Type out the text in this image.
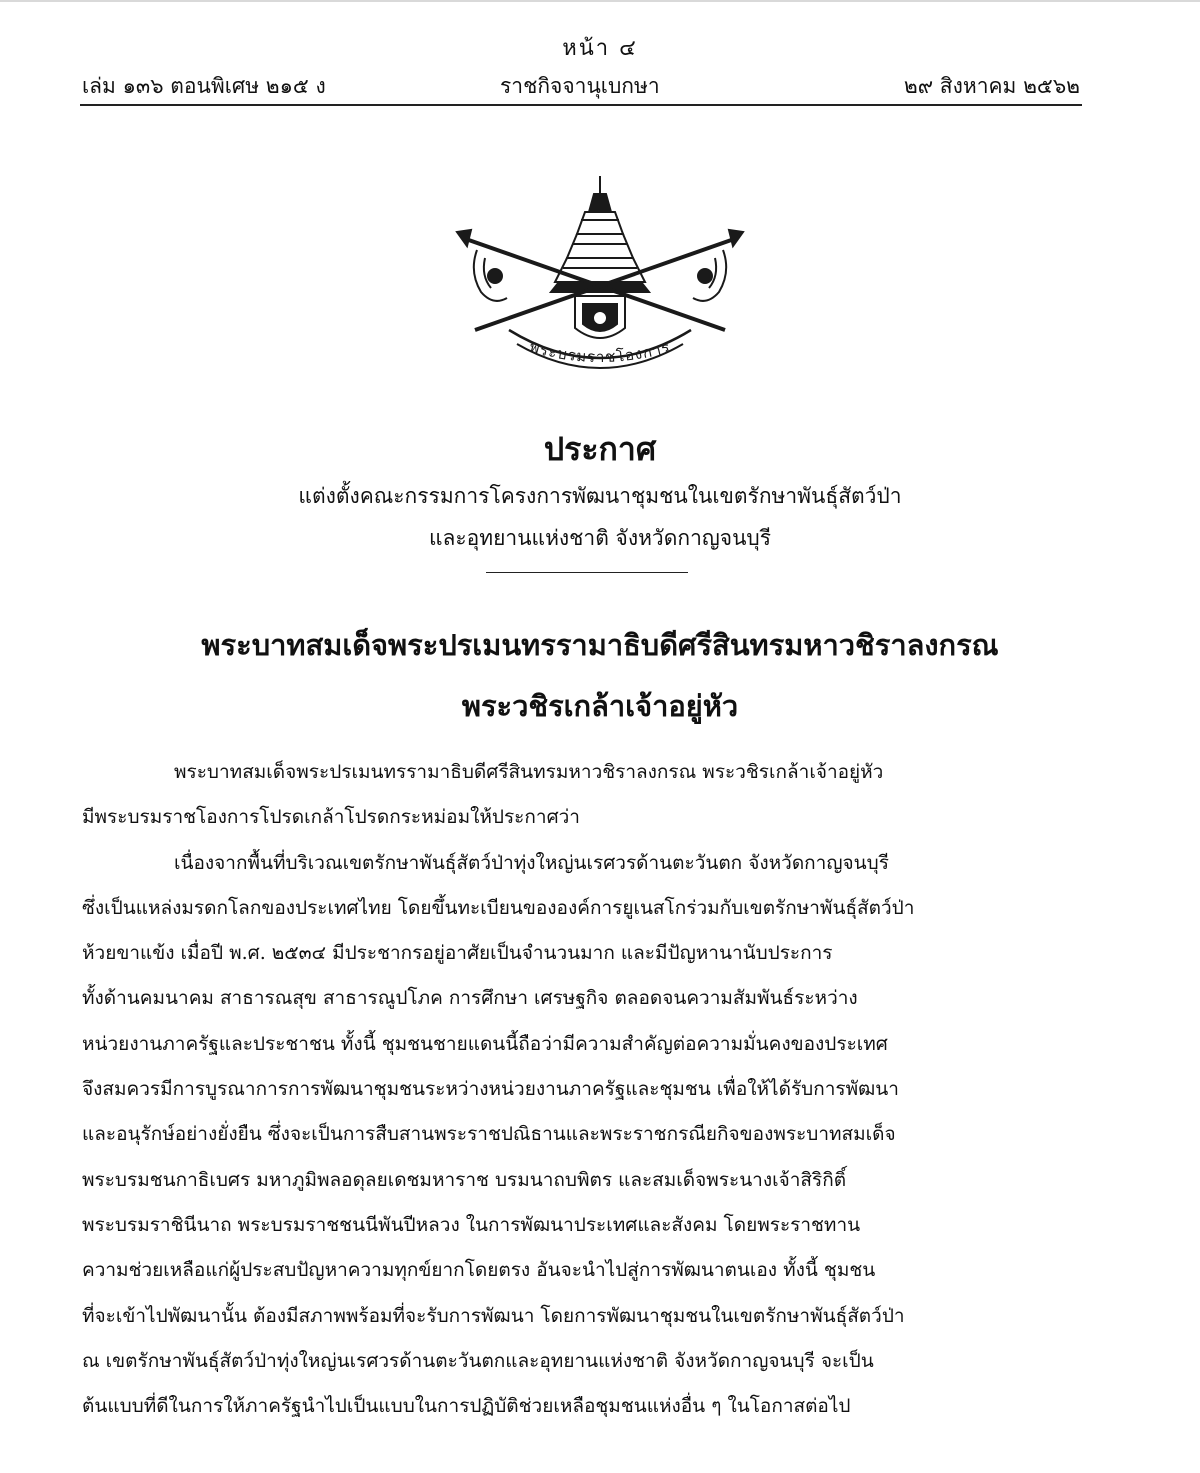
หน้า ๔
เล่ม ๑๓๖ ตอนพิเศษ ๒๑๕ ง	ราชกิจจานุเบกษา	๒๙ สิงหาคม ๒๕๖๒
พระบรมราชโองการ
ประกาศ
แต่งตั้งคณะกรรมการโครงการพัฒนาชุมชนในเขตรักษาพันธุ์สัตว์ป่า
และอุทยานแห่งชาติ จังหวัดกาญจนบุรี
พระบาทสมเด็จพระปรเมนทรรามาธิบดีศรีสินทรมหาวชิราลงกรณ
พระวชิรเกล้าเจ้าอยู่หัว
พระบาทสมเด็จพระปรเมนทรรามาธิบดีศรีสินทรมหาวชิราลงกรณ พระวชิรเกล้าเจ้าอยู่หัว
มีพระบรมราชโองการโปรดเกล้าโปรดกระหม่อมให้ประกาศว่า
เนื่องจากพื้นที่บริเวณเขตรักษาพันธุ์สัตว์ป่าทุ่งใหญ่นเรศวรด้านตะวันตก จังหวัดกาญจนบุรี
ซึ่งเป็นแหล่งมรดกโลกของประเทศไทย โดยขึ้นทะเบียนขององค์การยูเนสโกร่วมกับเขตรักษาพันธุ์สัตว์ป่า
ห้วยขาแข้ง เมื่อปี พ.ศ. ๒๕๓๔ มีประชากรอยู่อาศัยเป็นจำนวนมาก และมีปัญหานานับประการ
ทั้งด้านคมนาคม สาธารณสุข สาธารณูปโภค การศึกษา เศรษฐกิจ ตลอดจนความสัมพันธ์ระหว่าง
หน่วยงานภาครัฐและประชาชน ทั้งนี้ ชุมชนชายแดนนี้ถือว่ามีความสำคัญต่อความมั่นคงของประเทศ
จึงสมควรมีการบูรณาการการพัฒนาชุมชนระหว่างหน่วยงานภาครัฐและชุมชน เพื่อให้ได้รับการพัฒนา
และอนุรักษ์อย่างยั่งยืน ซึ่งจะเป็นการสืบสานพระราชปณิธานและพระราชกรณียกิจของพระบาทสมเด็จ
พระบรมชนกาธิเบศร มหาภูมิพลอดุลยเดชมหาราช บรมนาถบพิตร และสมเด็จพระนางเจ้าสิริกิติ์
พระบรมราชินีนาถ พระบรมราชชนนีพันปีหลวง ในการพัฒนาประเทศและสังคม โดยพระราชทาน
ความช่วยเหลือแก่ผู้ประสบปัญหาความทุกข์ยากโดยตรง อันจะนำไปสู่การพัฒนาตนเอง ทั้งนี้ ชุมชน
ที่จะเข้าไปพัฒนานั้น ต้องมีสภาพพร้อมที่จะรับการพัฒนา โดยการพัฒนาชุมชนในเขตรักษาพันธุ์สัตว์ป่า
ณ เขตรักษาพันธุ์สัตว์ป่าทุ่งใหญ่นเรศวรด้านตะวันตกและอุทยานแห่งชาติ จังหวัดกาญจนบุรี จะเป็น
ต้นแบบที่ดีในการให้ภาครัฐนำไปเป็นแบบในการปฏิบัติช่วยเหลือชุมชนแห่งอื่น ๆ ในโอกาสต่อไป
